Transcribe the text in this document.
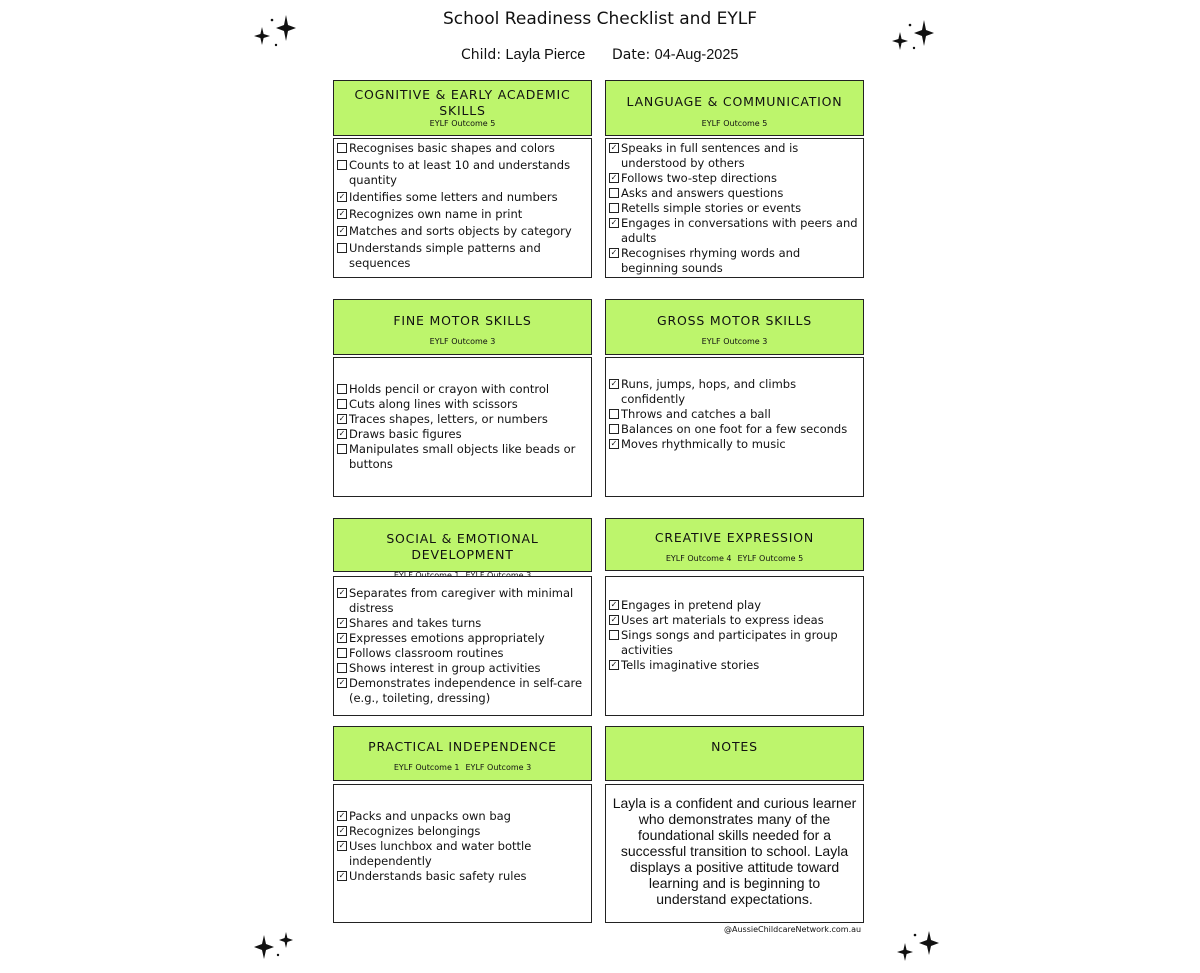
School Readiness Checklist and EYLF
Child: Layla Pierce Date: 04-Aug-2025
COGNITIVE & EARLY ACADEMIC SKILLS
EYLF Outcome 5
Recognises basic shapes and colors
Counts to at least 10 and understands quantity
✓
Identifies some letters and numbers
✓
Recognizes own name in print
✓
Matches and sorts objects by category
Understands simple patterns and sequences
LANGUAGE & COMMUNICATION
EYLF Outcome 5
✓
Speaks in full sentences and is understood by others
✓
Follows two-step directions
Asks and answers questions
Retells simple stories or events
✓
Engages in conversations with peers and adults
✓
Recognises rhyming words and beginning sounds
FINE MOTOR SKILLS
EYLF Outcome 3
Holds pencil or crayon with control
Cuts along lines with scissors
✓
Traces shapes, letters, or numbers
✓
Draws basic figures
Manipulates small objects like beads or buttons
GROSS MOTOR SKILLS
EYLF Outcome 3
✓
Runs, jumps, hops, and climbs confidently
Throws and catches a ball
Balances on one foot for a few seconds
✓
Moves rhythmically to music
SOCIAL & EMOTIONAL DEVELOPMENT
✓
Separates from caregiver with minimal distress
✓
Shares and takes turns
✓
Expresses emotions appropriately
Follows classroom routines
Shows interest in group activities
✓
Demonstrates independence in self-care (e.g., toileting, dressing)
CREATIVE EXPRESSION
EYLF Outcome 4 EYLF Outcome 5
✓
Engages in pretend play
✓
Uses art materials to express ideas
Sings songs and participates in group activities
✓
Tells imaginative stories
PRACTICAL INDEPENDENCE
EYLF Outcome 1 EYLF Outcome 3
✓
Packs and unpacks own bag
✓
Recognizes belongings
✓
Uses lunchbox and water bottle independently
✓
Understands basic safety rules
NOTES
Layla is a confident and curious learner who demonstrates many of the foundational skills needed for a successful transition to school. Layla displays a positive attitude toward learning and is beginning to understand expectations.
@AussieChildcareNetwork.com.au
